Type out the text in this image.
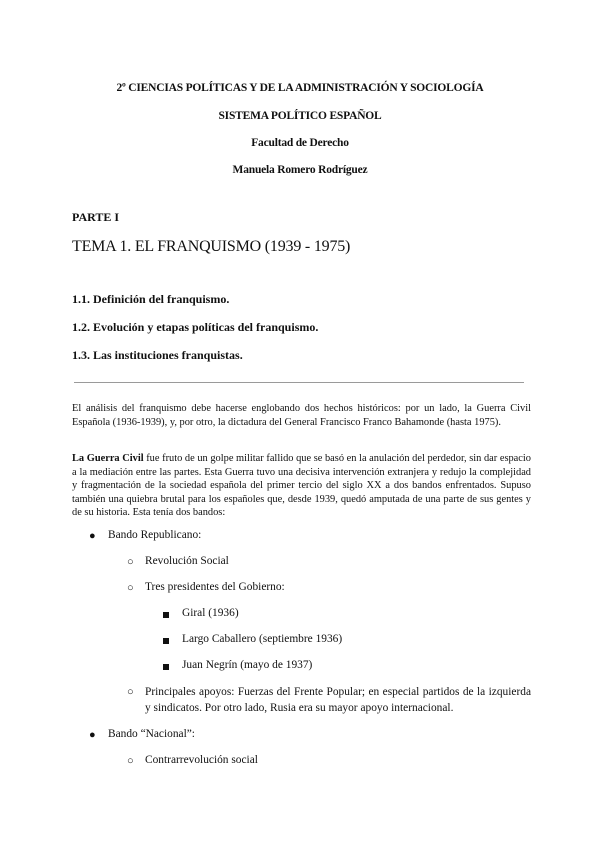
2º CIENCIAS POLÍTICAS Y DE LA ADMINISTRACIÓN Y SOCIOLOGÍA
SISTEMA POLÍTICO ESPAÑOL
Facultad de Derecho
Manuela Romero Rodríguez
PARTE I
TEMA 1. EL FRANQUISMO (1939 - 1975)
1.1. Definición del franquismo.
1.2. Evolución y etapas políticas del franquismo.
1.3. Las instituciones franquistas.
El análisis del franquismo debe hacerse englobando dos hechos históricos: por un lado, la Guerra Civil Española (1936-1939), y, por otro, la dictadura del General Francisco Franco Bahamonde (hasta 1975).
La Guerra Civil fue fruto de un golpe militar fallido que se basó en la anulación del perdedor, sin dar espacio a la mediación entre las partes. Esta Guerra tuvo una decisiva intervención extranjera y redujo la complejidad y fragmentación de la sociedad española del primer tercio del siglo XX a dos bandos enfrentados. Supuso también una quiebra brutal para los españoles que, desde 1939, quedó amputada de una parte de sus gentes y de su historia. Esta tenía dos bandos:
● Bando Republicano:
○ Revolución Social
○ Tres presidentes del Gobierno:
Giral (1936)
Largo Caballero (septiembre 1936)
Juan Negrín (mayo de 1937)
○ Principales apoyos: Fuerzas del Frente Popular; en especial partidos de la izquierda y sindicatos. Por otro lado, Rusia era su mayor apoyo internacional.
● Bando “Nacional”:
○ Contrarrevolución social
